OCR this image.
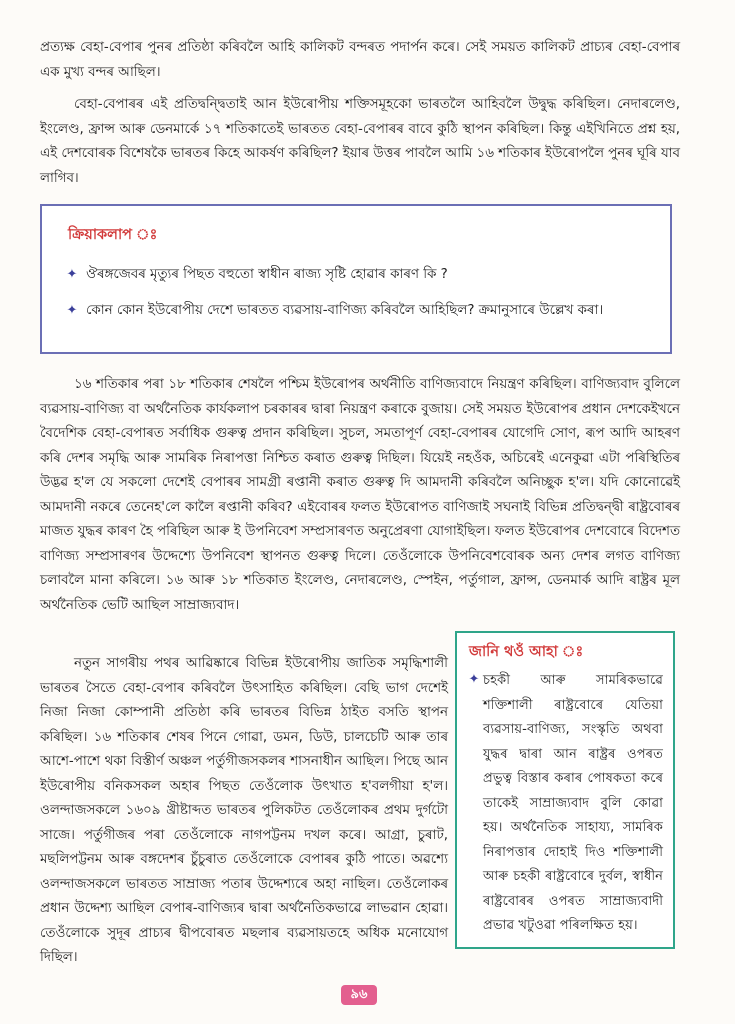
প্ৰত্যক্ষ বেহা-বেপাৰ পুনৰ প্ৰতিষ্ঠা কৰিবলৈ আহি কালিকট বন্দৰত পদাৰ্পন কৰে। সেই সময়ত কালিকট প্ৰাচ্যৰ বেহা-বেপাৰ এক মুখ্য বন্দৰ আছিল।

বেহা-বেপাৰৰ এই প্ৰতিদ্বন্দ্বিতাই আন ইউৰোপীয় শক্তিসমূহকো ভাৰতলৈ আহিবলৈ উদ্বুদ্ধ কৰিছিল। নেদাৰলেণ্ড, ইংলেণ্ড, ফ্ৰান্স আৰু ডেনমাৰ্কে ১৭ শতিকাতেই ভাৰতত বেহা-বেপাৰৰ বাবে কুঠি স্থাপন কৰিছিল। কিন্তু এইখিনিতে প্ৰশ্ন হয়, এই দেশবোৰক বিশেষকৈ ভাৰতৰ কিহে আকৰ্ষণ কৰিছিল? ইয়াৰ উত্তৰ পাবলৈ আমি ১৬ শতিকাৰ ইউৰোপলৈ পুনৰ ঘূৰি যাব লাগিব।

ক্ৰিয়াকলাপ ঃ
✦ ঔৰঙ্গজেবৰ মৃত্যুৰ পিছত বহুতো স্বাধীন ৰাজ্য সৃষ্টি হোৱাৰ কাৰণ কি ?
✦ কোন কোন ইউৰোপীয় দেশে ভাৰতত ব্যৱসায়-বাণিজ্য কৰিবলৈ আহিছিল? ক্ৰমানুসাৰে উল্লেখ কৰা।

১৬ শতিকাৰ পৰা ১৮ শতিকাৰ শেষলৈ পশ্চিম ইউৰোপৰ অৰ্থনীতি বাণিজ্যবাদে নিয়ন্ত্ৰণ কৰিছিল। বাণিজ্যবাদ বুলিলে ব্যৱসায়-বাণিজ্য বা অৰ্থনৈতিক কাৰ্যকলাপ চৰকাৰৰ দ্বাৰা নিয়ন্ত্ৰণ কৰাকে বুজায়। সেই সময়ত ইউৰোপৰ প্ৰধান দেশকেইখনে বৈদেশিক বেহা-বেপাৰত সৰ্বাধিক গুৰুত্ব প্ৰদান কৰিছিল। সুচল, সমতাপূৰ্ণ বেহা-বেপাৰৰ যোগেদি সোণ, ৰূপ আদি আহৰণ কৰি দেশৰ সমৃদ্ধি আৰু সামৰিক নিৰাপত্তা নিশ্চিত কৰাত গুৰুত্ব দিছিল। যিয়েই নহওঁক, অচিৰেই এনেকুৱা এটা পৰিস্থিতিৰ উদ্ভৱ হ'ল যে সকলো দেশেই বেপাৰৰ সামগ্ৰী ৰপ্তানী কৰাত গুৰুত্ব দি আমদানী কৰিবলৈ অনিচ্ছুক হ'ল। যদি কোনোৱেই আমদানী নকৰে তেনেহ'লে কালৈ ৰপ্তানী কৰিব? এইবোৰৰ ফলত ইউৰোপত বাণিজাই সঘনাই বিভিন্ন প্ৰতিদ্বন্দ্বী ৰাষ্ট্ৰবোৰৰ মাজত যুদ্ধৰ কাৰণ হৈ পৰিছিল আৰু ই উপনিবেশ সম্প্ৰসাৰণত অনুপ্ৰেৰণা যোগাইছিল। ফলত ইউৰোপৰ দেশবোৰে বিদেশত বাণিজ্য সম্প্ৰসাৰণৰ উদ্দেশ্যে উপনিবেশ স্থাপনত গুৰুত্ব দিলে। তেওঁলোকে উপনিবেশবোৰক অন্য দেশৰ লগত বাণিজ্য চলাবলৈ মানা কৰিলে। ১৬ আৰু ১৮ শতিকাত ইংলেণ্ড, নেদাৰলেণ্ড, স্পেইন, পৰ্তুগাল, ফ্ৰান্স, ডেনমাৰ্ক আদি ৰাষ্ট্ৰৰ মূল অৰ্থনৈতিক ভেটি আছিল সাম্ৰাজ্যবাদ।

নতুন সাগৰীয় পথৰ আৱিষ্কাৰে বিভিন্ন ইউৰোপীয় জাতিক সমৃদ্ধিশালী ভাৰতৰ সৈতে বেহা-বেপাৰ কৰিবলৈ উৎসাহিত কৰিছিল। বেছি ভাগ দেশেই নিজা নিজা কোম্পানী প্ৰতিষ্ঠা কৰি ভাৰতৰ বিভিন্ন ঠাইত বসতি স্থাপন কৰিছিল। ১৬ শতিকাৰ শেষৰ পিনে গোৱা, ডমন, ডিউ, চালচেটি আৰু তাৰ আশে-পাশে থকা বিস্তীৰ্ণ অঞ্চল পৰ্তুগীজসকলৰ শাসনাধীন আছিল। পিছে আন ইউৰোপীয় বনিকসকল অহাৰ পিছত তেওঁলোক উৎখাত হ'বলগীয়া হ'ল। ওলন্দাজসকলে ১৬০৯ খ্ৰীষ্টাব্দত ভাৰতৰ পুলিকটত তেওঁলোকৰ প্ৰথম দুৰ্গটো সাজে। পৰ্তুগীজৰ পৰা তেওঁলোকে নাগপট্টনম দখল কৰে। আগ্ৰা, চুৰাট, মছলিপট্টনম আৰু বঙ্গদেশৰ চুঁচুৰাত তেওঁলোকে বেপাৰৰ কুঠি পাতে। অৱশ্যে ওলন্দাজসকলে ভাৰতত সাম্ৰাজ্য পতাৰ উদ্দেশ্যৰে অহা নাছিল। তেওঁলোকৰ প্ৰধান উদ্দেশ্য আছিল বেপাৰ-বাণিজ্যৰ দ্বাৰা অৰ্থনৈতিকভাৱে লাভৱান হোৱা। তেওঁলোকে সুদূৰ প্ৰাচ্যৰ দ্বীপবোৰত মছলাৰ ব্যৱসায়তহে অধিক মনোযোগ দিছিল।

জানি থওঁ আহা ঃ
✦ চহকী আৰু সামৰিকভাৱে শক্তিশালী ৰাষ্ট্ৰবোৰে যেতিয়া ব্যৱসায়-বাণিজ্য, সংস্কৃতি অথবা যুদ্ধৰ দ্বাৰা আন ৰাষ্ট্ৰৰ ওপৰত প্ৰভুত্ব বিস্তাৰ কৰাৰ পোষকতা কৰে তাকেই সাম্ৰাজ্যবাদ বুলি কোৱা হয়। অৰ্থনৈতিক সাহায্য, সামৰিক নিৰাপত্তাৰ দোহাই দিও শক্তিশালী আৰু চহকী ৰাষ্ট্ৰবোৰে দুৰ্বল, স্বাধীন ৰাষ্ট্ৰবোৰৰ ওপৰত সাম্ৰাজ্যবাদী প্ৰভাৱ খটুওৱা পৰিলক্ষিত হয়।

৯৬
